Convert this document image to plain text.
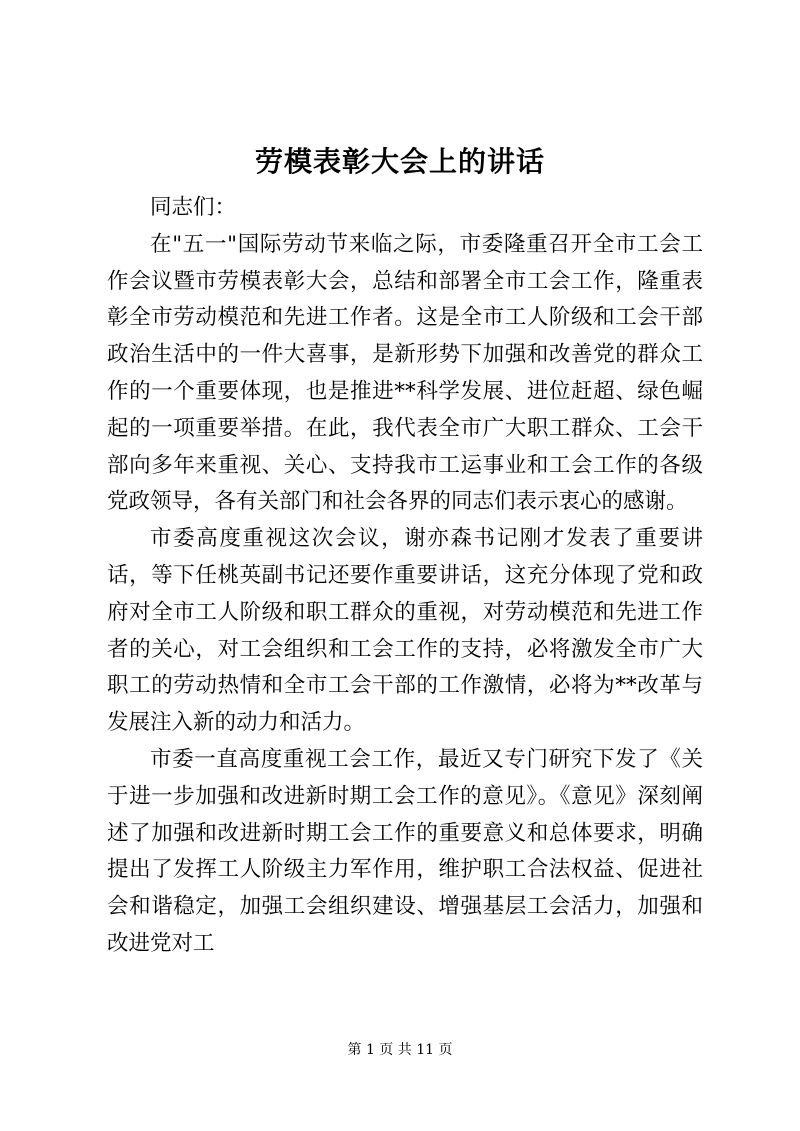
劳模表彰大会上的讲话

同志们：

在"五一"国际劳动节来临之际，市委隆重召开全市工会工作会议暨市劳模表彰大会，总结和部署全市工会工作，隆重表彰全市劳动模范和先进工作者。这是全市工人阶级和工会干部政治生活中的一件大喜事，是新形势下加强和改善党的群众工作的一个重要体现，也是推进**科学发展、进位赶超、绿色崛起的一项重要举措。在此，我代表全市广大职工群众、工会干部向多年来重视、关心、支持我市工运事业和工会工作的各级党政领导，各有关部门和社会各界的同志们表示衷心的感谢。

市委高度重视这次会议，谢亦森书记刚才发表了重要讲话，等下任桃英副书记还要作重要讲话，这充分体现了党和政府对全市工人阶级和职工群众的重视，对劳动模范和先进工作者的关心，对工会组织和工会工作的支持，必将激发全市广大职工的劳动热情和全市工会干部的工作激情，必将为**改革与发展注入新的动力和活力。

市委一直高度重视工会工作，最近又专门研究下发了《关于进一步加强和改进新时期工会工作的意见》。《意见》深刻阐述了加强和改进新时期工会工作的重要意义和总体要求，明确提出了发挥工人阶级主力军作用，维护职工合法权益、促进社会和谐稳定，加强工会组织建设、增强基层工会活力，加强和改进党对工

第 1 页 共 11 页
